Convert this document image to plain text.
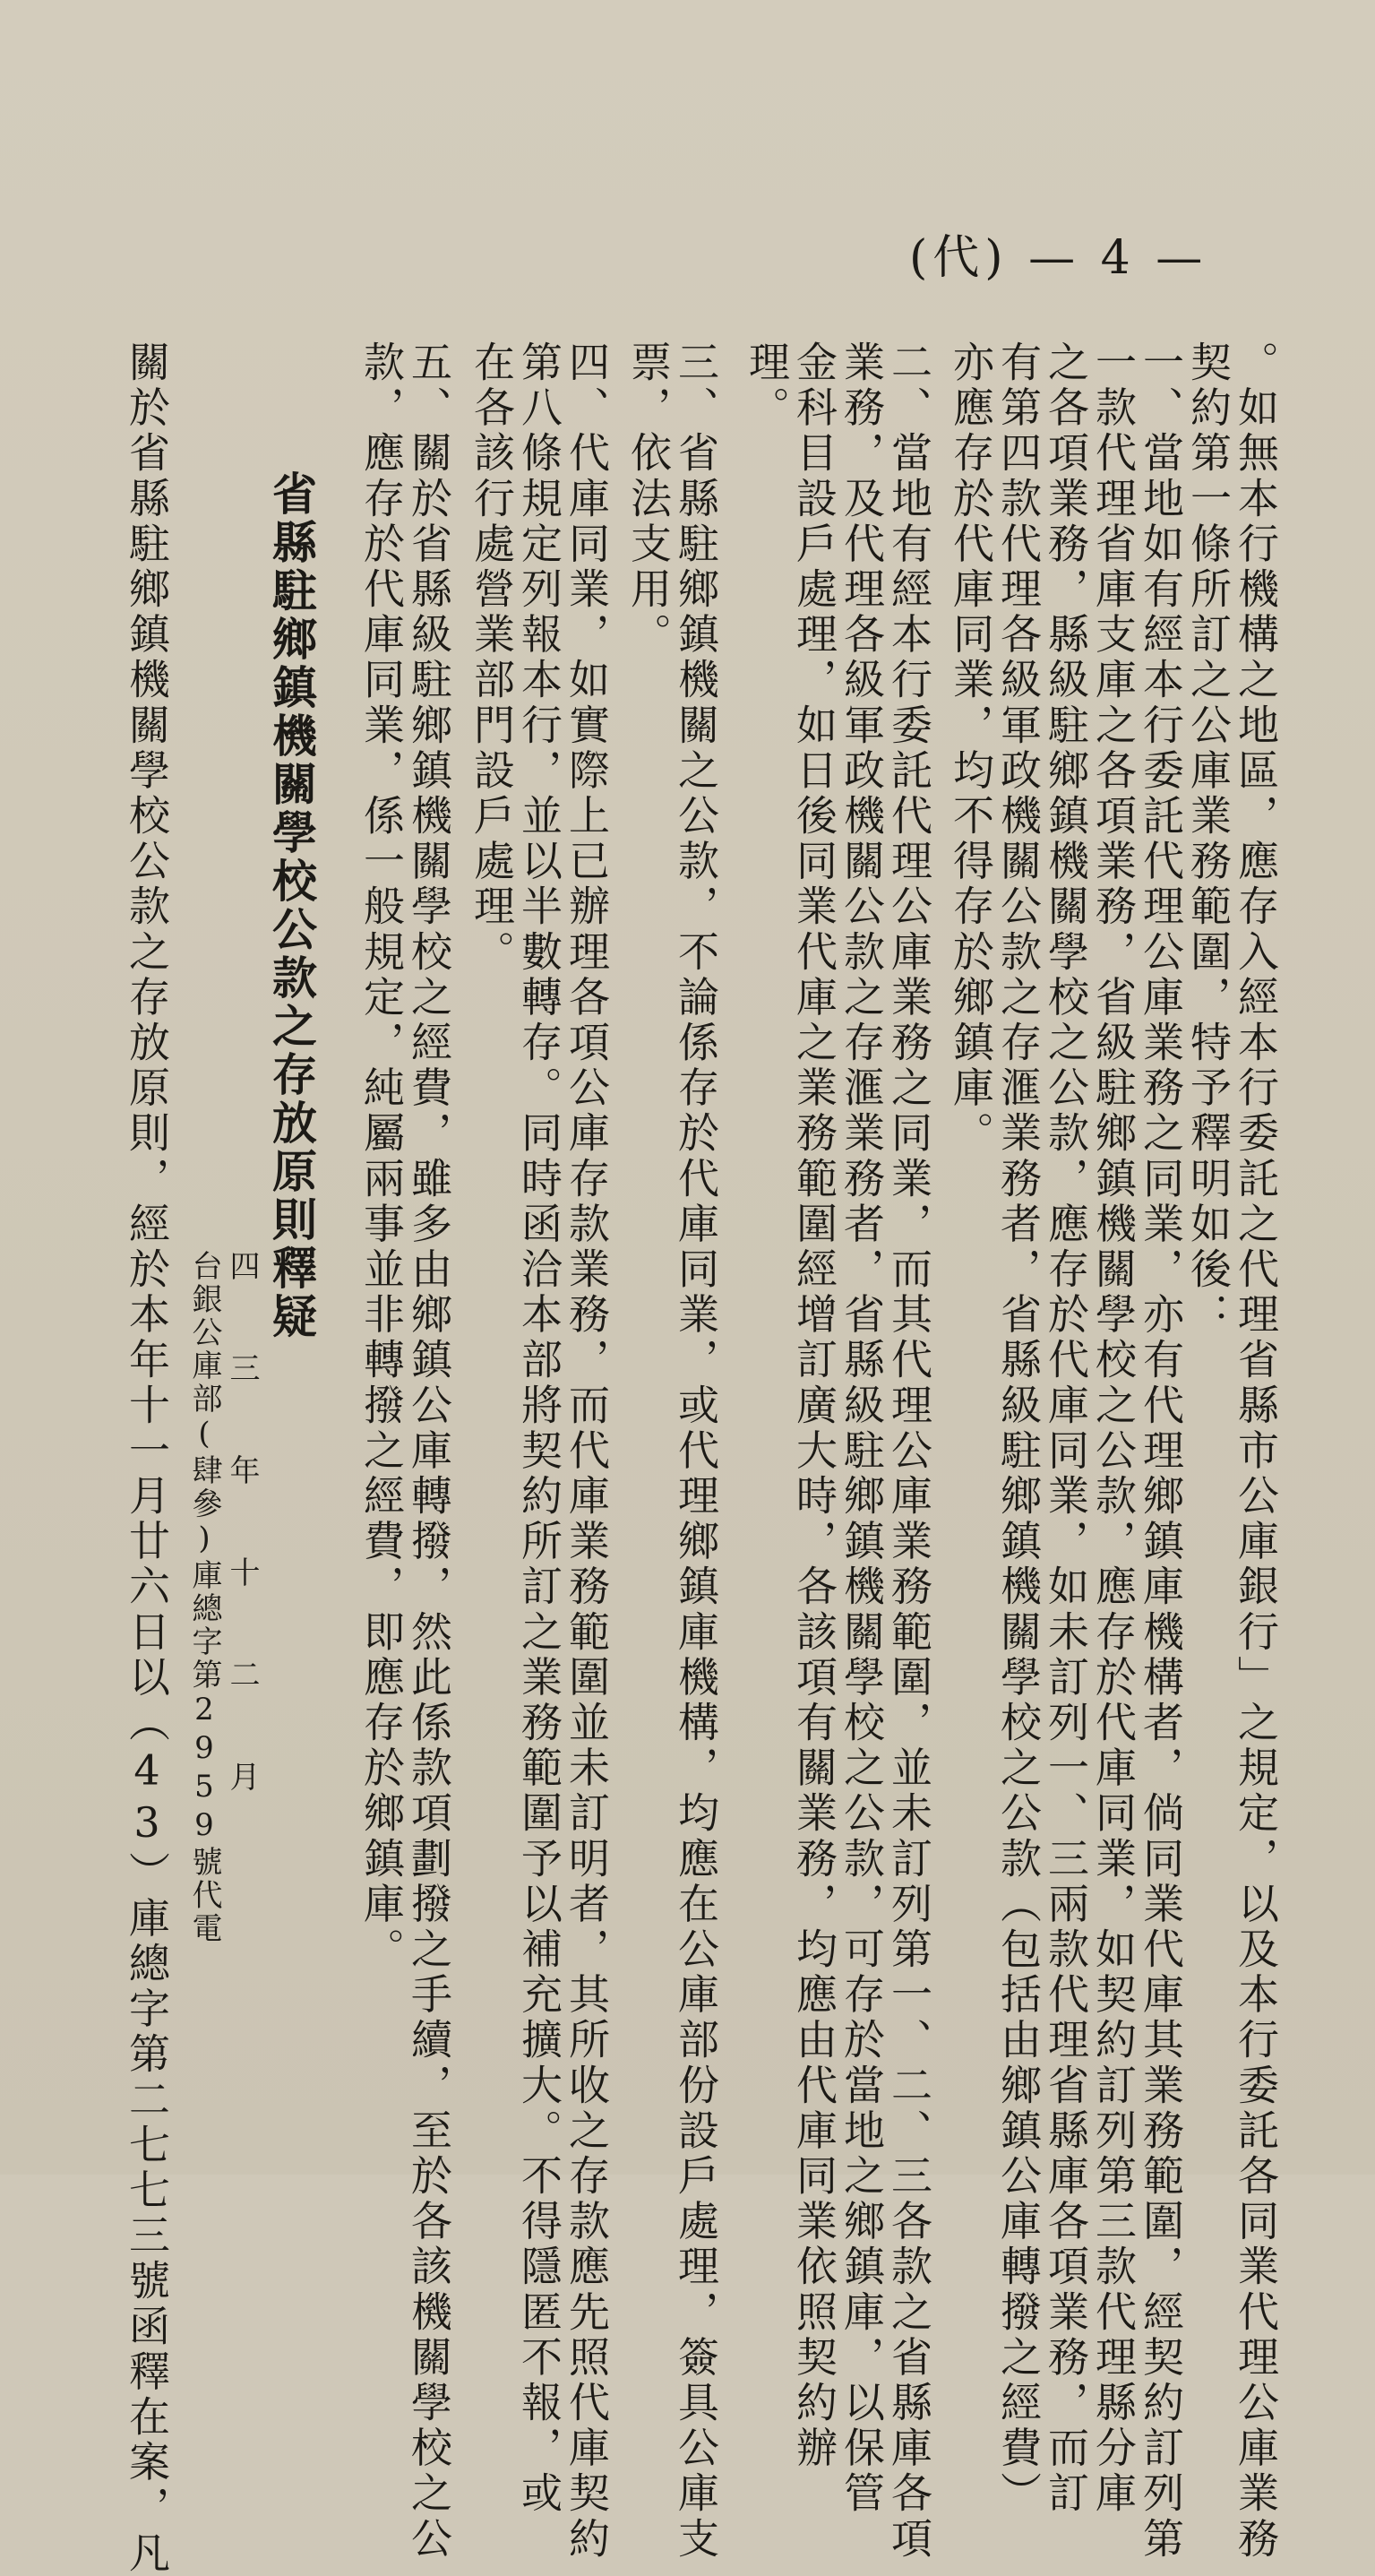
(代) — 4 —
。如無本行機構之地區，應存入經本行委託之代理省縣市公庫銀行」之規定，以及本行委託各同業代理公庫業務
契約第一條所訂之公庫業務範圍，特予釋明如後：
一、當地如有經本行委託代理公庫業務之同業，亦有代理鄉鎮庫機構者，倘同業代庫其業務範圍，經契約訂列第
一款代理省庫支庫之各項業務，省級駐鄉鎮機關學校之公款，應存於代庫同業，如契約訂列第三款代理縣分庫
之各項業務，縣級駐鄉鎮機關學校之公款，應存於代庫同業，如未訂列一、三兩款代理省縣庫各項業務，而訂
有第四款代理各級軍政機關公款之存滙業務者，省縣級駐鄉鎮機關學校之公款（包括由鄉鎮公庫轉撥之經費）
亦應存於代庫同業，均不得存於鄉鎮庫。
二、當地有經本行委託代理公庫業務之同業，而其代理公庫業務範圍，並未訂列第一、二、三各款之省縣庫各項
業務，及代理各級軍政機關公款之存滙業務者，省縣級駐鄉鎮機關學校之公款，可存於當地之鄉鎮庫，以保管
金科目設戶處理，如日後同業代庫之業務範圍經增訂廣大時，各該項有關業務，均應由代庫同業依照契約辦
理。
三、省縣駐鄉鎮機關之公款，不論係存於代庫同業，或代理鄉鎮庫機構，均應在公庫部份設戶處理，簽具公庫支
票，依法支用。
四、代庫同業，如實際上已辦理各項公庫存款業務，而代庫業務範圍並未訂明者，其所收之存款應先照代庫契約
第八條規定列報本行，並以半數轉存。同時函洽本部將契約所訂之業務範圍予以補充擴大。不得隱匿不報，或
在各該行處營業部門設戶處理。
五、關於省縣級駐鄉鎮機關學校之經費，雖多由鄉鎮公庫轉撥，然此係款項劃撥之手續，至於各該機關學校之公
款，應存於代庫同業，係一般規定，純屬兩事並非轉撥之經費，即應存於鄉鎮庫。
省縣駐鄉鎮機關學校公款之存放原則釋疑
四 三 年 十 二 月
台銀公庫部(肆參)庫總字第2959號代電
關於省縣駐鄉鎮機關學校公款之存放原則，經於本年十一月廿六日以（43）庫總字第二七七三號函釋在案，凡
